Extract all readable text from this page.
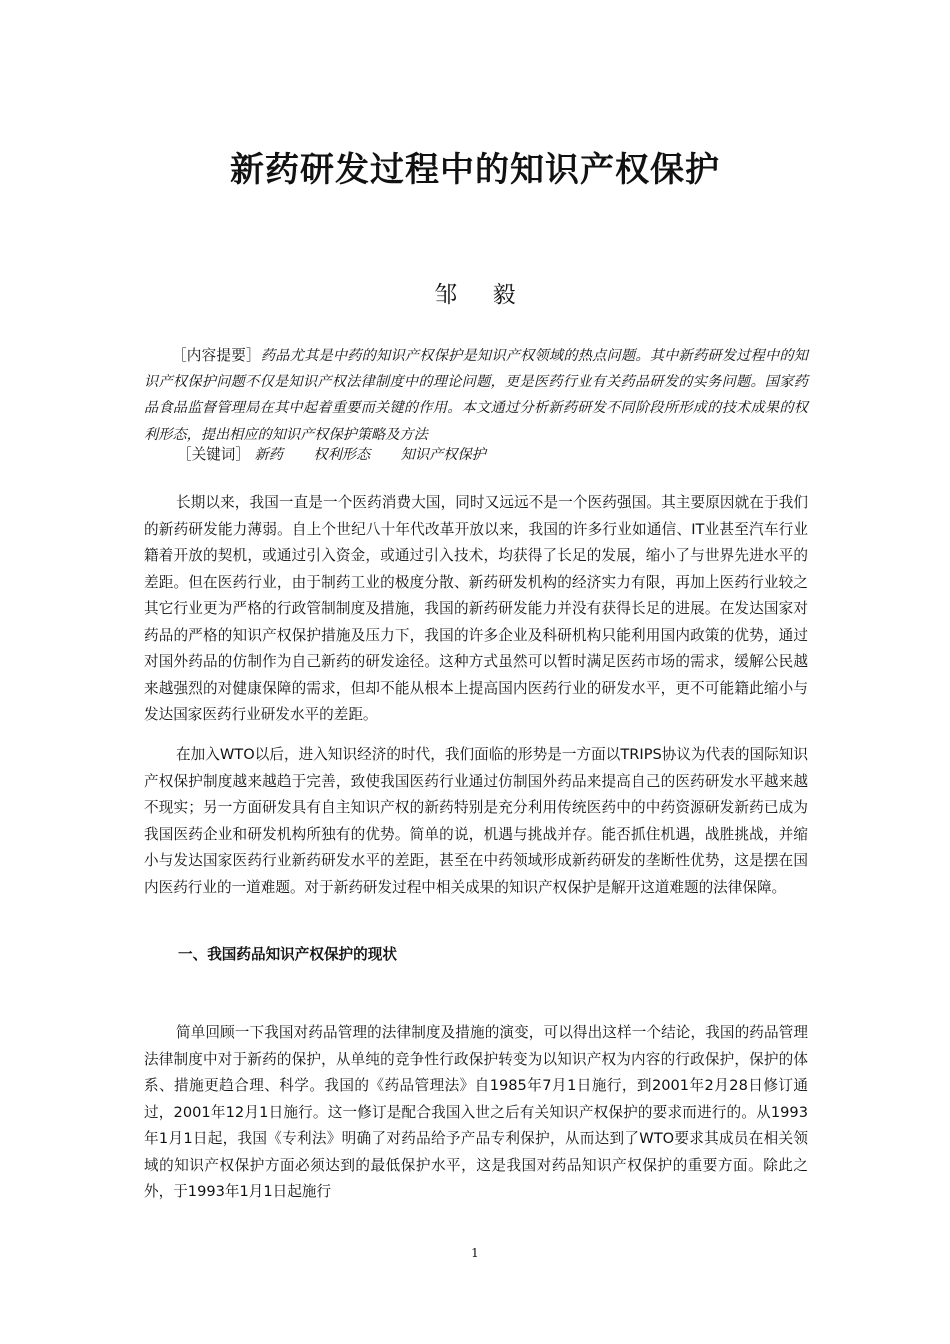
新药研发过程中的知识产权保护
邹 毅
［内容提要］药品尤其是中药的知识产权保护是知识产权领域的热点问题。其中新药研发过程中的知识产权保护问题不仅是知识产权法律制度中的理论问题，更是医药行业有关药品研发的实务问题。国家药品食品监督管理局在其中起着重要而关键的作用。本文通过分析新药研发不同阶段所形成的技术成果的权利形态，提出相应的知识产权保护策略及方法
［关键词］ 新药 权利形态 知识产权保护

长期以来，我国一直是一个医药消费大国，同时又远远不是一个医药强国。其主要原因就在于我们的新药研发能力薄弱。自上个世纪八十年代改革开放以来，我国的许多行业如通信、IT业甚至汽车行业籍着开放的契机，或通过引入资金，或通过引入技术，均获得了长足的发展，缩小了与世界先进水平的差距。但在医药行业，由于制药工业的极度分散、新药研发机构的经济实力有限，再加上医药行业较之其它行业更为严格的行政管制制度及措施，我国的新药研发能力并没有获得长足的进展。在发达国家对药品的严格的知识产权保护措施及压力下，我国的许多企业及科研机构只能利用国内政策的优势，通过对国外药品的仿制作为自己新药的研发途径。这种方式虽然可以暂时满足医药市场的需求，缓解公民越来越强烈的对健康保障的需求，但却不能从根本上提高国内医药行业的研发水平，更不可能籍此缩小与发达国家医药行业研发水平的差距。

在加入WTO以后，进入知识经济的时代，我们面临的形势是一方面以TRIPS协议为代表的国际知识产权保护制度越来越趋于完善，致使我国医药行业通过仿制国外药品来提高自己的医药研发水平越来越不现实；另一方面研发具有自主知识产权的新药特别是充分利用传统医药中的中药资源研发新药已成为我国医药企业和研发机构所独有的优势。简单的说，机遇与挑战并存。能否抓住机遇，战胜挑战，并缩小与发达国家医药行业新药研发水平的差距，甚至在中药领域形成新药研发的垄断性优势，这是摆在国内医药行业的一道难题。对于新药研发过程中相关成果的知识产权保护是解开这道难题的法律保障。

一、我国药品知识产权保护的现状

简单回顾一下我国对药品管理的法律制度及措施的演变，可以得出这样一个结论，我国的药品管理法律制度中对于新药的保护，从单纯的竞争性行政保护转变为以知识产权为内容的行政保护，保护的体系、措施更趋合理、科学。我国的《药品管理法》自1985年7月1日施行，到2001年2月28日修订通过，2001年12月1日施行。这一修订是配合我国入世之后有关知识产权保护的要求而进行的。从1993年1月1日起，我国《专利法》明确了对药品给予产品专利保护，从而达到了WTO要求其成员在相关领域的知识产权保护方面必须达到的最低保护水平，这是我国对药品知识产权保护的重要方面。除此之外，于1993年1月1日起施行

1
